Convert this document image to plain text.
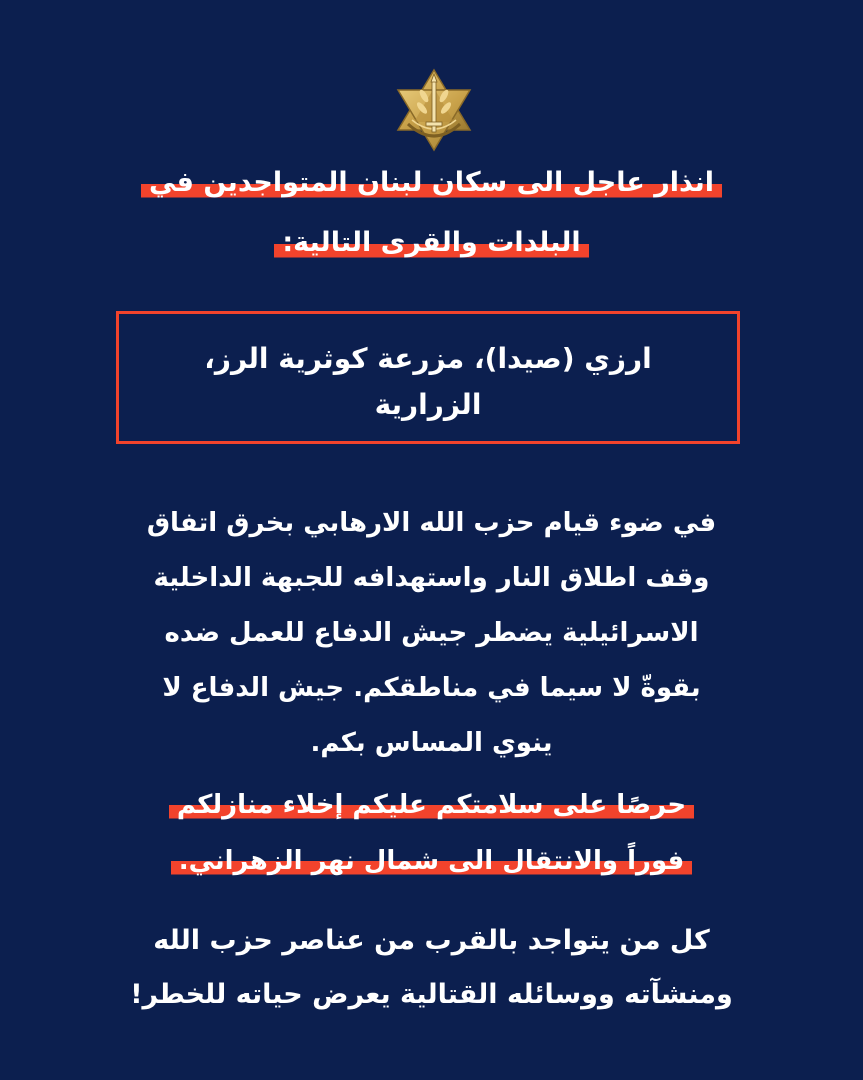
انذار عاجل الى سكان لبنان المتواجدين في
البلدات والقرى التالية:
ارزي (صيدا)، مزرعة كوثرية الرز،
الزرارية
في ضوء قيام حزب الله الارهابي بخرق اتفاق
وقف اطلاق النار واستهدافه للجبهة الداخلية
الاسرائيلية يضطر جيش الدفاع للعمل ضده
بقوةّ لا سيما في مناطقكم. جيش الدفاع لا
ينوي المساس بكم.
حرصًا على سلامتكم عليكم إخلاء منازلكم
فوراً والانتقال الى شمال نهر الزهراني.
كل من يتواجد بالقرب من عناصر حزب الله
ومنشآته ووسائله القتالية يعرض حياته للخطر!
